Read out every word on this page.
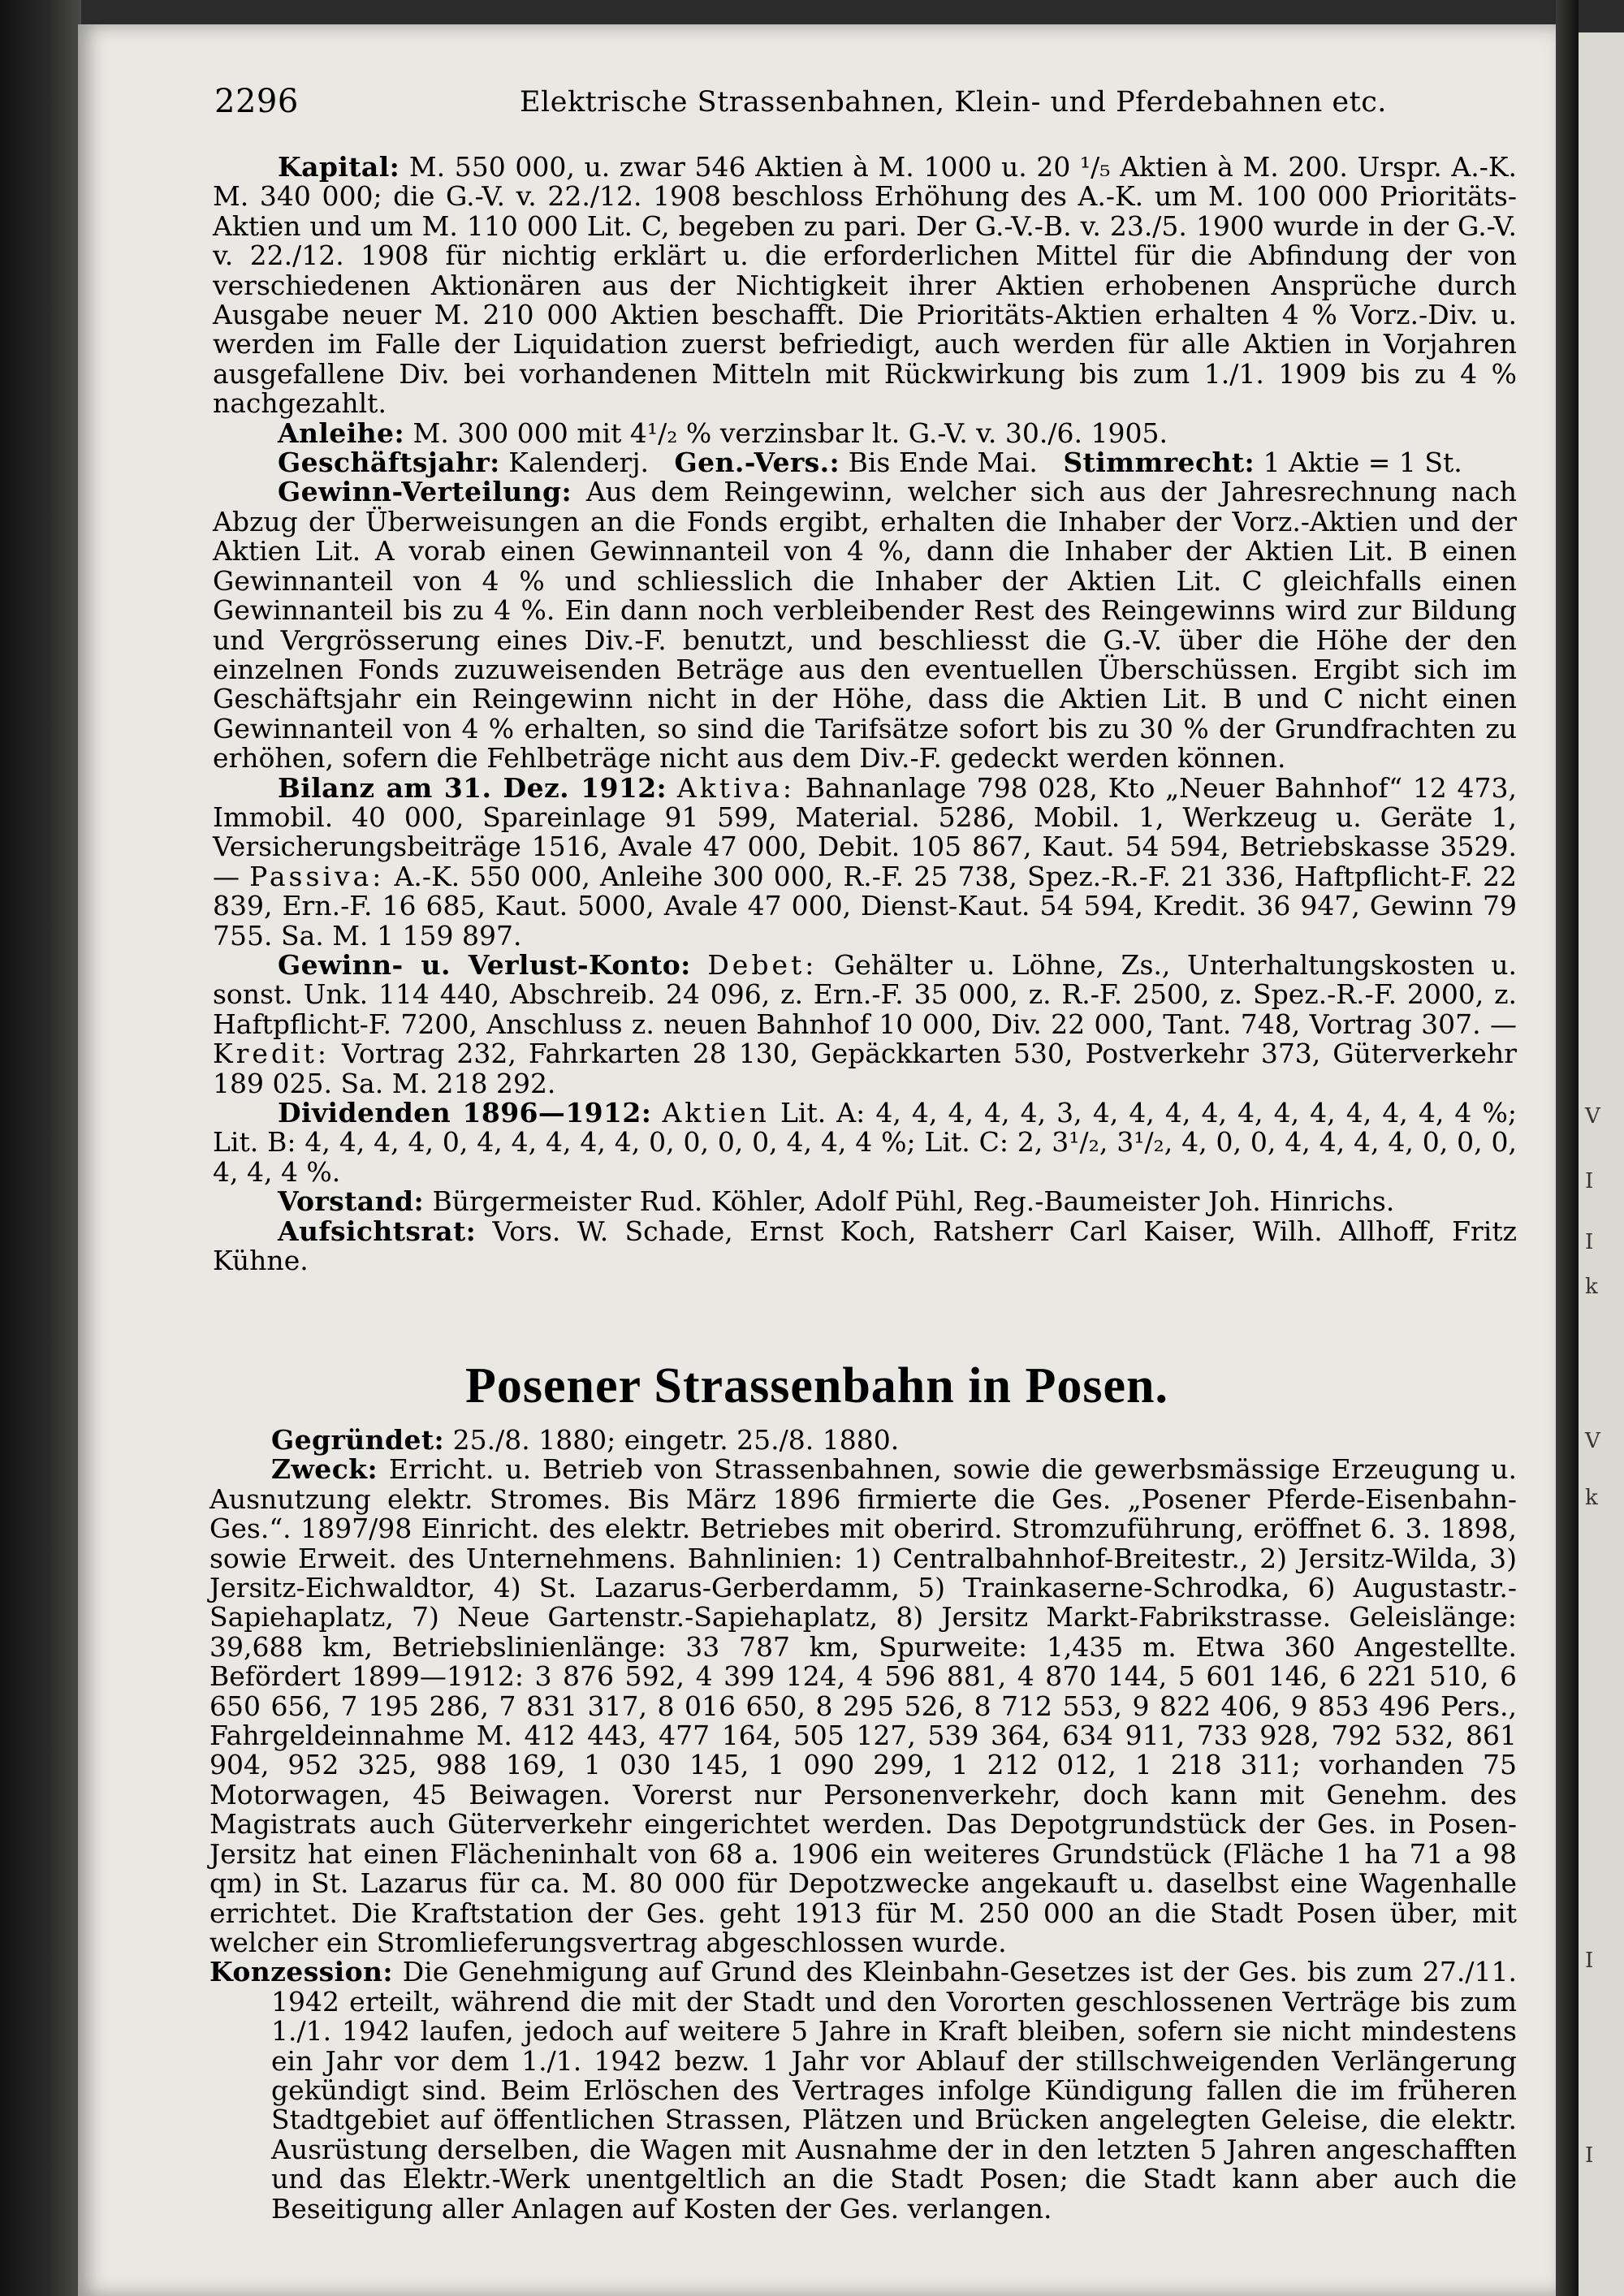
V
I
I
k
V
k
I
I
2296	Elektrische Strassenbahnen, Klein- und Pferdebahnen etc.

Kapital: M. 550 000, u. zwar 546 Aktien à M. 1000 u. 20 ¹/₅ Aktien à M. 200. Urspr. A.-K. M. 340 000; die G.-V. v. 22./12. 1908 beschloss Erhöhung des A.-K. um M. 100 000 Prioritäts-Aktien und um M. 110 000 Lit. C, begeben zu pari. Der G.-V.-B. v. 23./5. 1900 wurde in der G.-V. v. 22./12. 1908 für nichtig erklärt u. die erforderlichen Mittel für die Abfindung der von verschiedenen Aktionären aus der Nichtigkeit ihrer Aktien erhobenen Ansprüche durch Ausgabe neuer M. 210 000 Aktien beschafft. Die Prioritäts-Aktien erhalten 4 % Vorz.-Div. u. werden im Falle der Liquidation zuerst befriedigt, auch werden für alle Aktien in Vorjahren ausgefallene Div. bei vorhandenen Mitteln mit Rückwirkung bis zum 1./1. 1909 bis zu 4 % nachgezahlt.

Anleihe: M. 300 000 mit 4¹/₂ % verzinsbar lt. G.-V. v. 30./6. 1905.

Geschäftsjahr: Kalenderj. Gen.-Vers.: Bis Ende Mai. Stimmrecht: 1 Aktie = 1 St.

Gewinn-Verteilung: Aus dem Reingewinn, welcher sich aus der Jahresrechnung nach Abzug der Überweisungen an die Fonds ergibt, erhalten die Inhaber der Vorz.-Aktien und der Aktien Lit. A vorab einen Gewinnanteil von 4 %, dann die Inhaber der Aktien Lit. B einen Gewinnanteil von 4 % und schliesslich die Inhaber der Aktien Lit. C gleichfalls einen Gewinnanteil bis zu 4 %. Ein dann noch verbleibender Rest des Reingewinns wird zur Bildung und Vergrösserung eines Div.-F. benutzt, und beschliesst die G.-V. über die Höhe der den einzelnen Fonds zuzuweisenden Beträge aus den eventuellen Überschüssen. Ergibt sich im Geschäftsjahr ein Reingewinn nicht in der Höhe, dass die Aktien Lit. B und C nicht einen Gewinnanteil von 4 % erhalten, so sind die Tarifsätze sofort bis zu 30 % der Grundfrachten zu erhöhen, sofern die Fehlbeträge nicht aus dem Div.-F. gedeckt werden können.

Bilanz am 31. Dez. 1912: Aktiva: Bahnanlage 798 028, Kto „Neuer Bahnhof“ 12 473, Immobil. 40 000, Spareinlage 91 599, Material. 5286, Mobil. 1, Werkzeug u. Geräte 1, Versicherungsbeiträge 1516, Avale 47 000, Debit. 105 867, Kaut. 54 594, Betriebskasse 3529. — Passiva: A.-K. 550 000, Anleihe 300 000, R.-F. 25 738, Spez.-R.-F. 21 336, Haftpflicht-F. 22 839, Ern.-F. 16 685, Kaut. 5000, Avale 47 000, Dienst-Kaut. 54 594, Kredit. 36 947, Gewinn 79 755. Sa. M. 1 159 897.

Gewinn- u. Verlust-Konto: Debet: Gehälter u. Löhne, Zs., Unterhaltungskosten u. sonst. Unk. 114 440, Abschreib. 24 096, z. Ern.-F. 35 000, z. R.-F. 2500, z. Spez.-R.-F. 2000, z. Haftpflicht-F. 7200, Anschluss z. neuen Bahnhof 10 000, Div. 22 000, Tant. 748, Vortrag 307. — Kredit: Vortrag 232, Fahrkarten 28 130, Gepäckkarten 530, Postverkehr 373, Güterverkehr 189 025. Sa. M. 218 292.

Dividenden 1896—1912: Aktien Lit. A: 4, 4, 4, 4, 4, 3, 4, 4, 4, 4, 4, 4, 4, 4, 4, 4, 4 %; Lit. B: 4, 4, 4, 4, 0, 4, 4, 4, 4, 4, 0, 0, 0, 0, 4, 4, 4 %; Lit. C: 2, 3¹/₂, 3¹/₂, 4, 0, 0, 4, 4, 4, 4, 0, 0, 0, 4, 4, 4 %.

Vorstand: Bürgermeister Rud. Köhler, Adolf Pühl, Reg.-Baumeister Joh. Hinrichs.

Aufsichtsrat: Vors. W. Schade, Ernst Koch, Ratsherr Carl Kaiser, Wilh. Allhoff, Fritz Kühne.

Posener Strassenbahn in Posen.

Gegründet: 25./8. 1880; eingetr. 25./8. 1880.

Zweck: Erricht. u. Betrieb von Strassenbahnen, sowie die gewerbsmässige Erzeugung u. Ausnutzung elektr. Stromes. Bis März 1896 firmierte die Ges. „Posener Pferde-Eisenbahn-Ges.“. 1897/98 Einricht. des elektr. Betriebes mit oberird. Stromzuführung, eröffnet 6. 3. 1898, sowie Erweit. des Unternehmens. Bahnlinien: 1) Centralbahnhof-Breitestr., 2) Jersitz-Wilda, 3) Jersitz-Eichwaldtor, 4) St. Lazarus-Gerberdamm, 5) Trainkaserne-Schrodka, 6) Augustastr.-Sapiehaplatz, 7) Neue Gartenstr.-Sapiehaplatz, 8) Jersitz Markt-Fabrikstrasse. Geleislänge: 39,688 km, Betriebslinienlänge: 33 787 km, Spurweite: 1,435 m. Etwa 360 Angestellte. Befördert 1899—1912: 3 876 592, 4 399 124, 4 596 881, 4 870 144, 5 601 146, 6 221 510, 6 650 656, 7 195 286, 7 831 317, 8 016 650, 8 295 526, 8 712 553, 9 822 406, 9 853 496 Pers., Fahrgeldeinnahme M. 412 443, 477 164, 505 127, 539 364, 634 911, 733 928, 792 532, 861 904, 952 325, 988 169, 1 030 145, 1 090 299, 1 212 012, 1 218 311; vorhanden 75 Motorwagen, 45 Beiwagen. Vorerst nur Personenverkehr, doch kann mit Genehm. des Magistrats auch Güterverkehr eingerichtet werden. Das Depotgrundstück der Ges. in Posen-Jersitz hat einen Flächeninhalt von 68 a. 1906 ein weiteres Grundstück (Fläche 1 ha 71 a 98 qm) in St. Lazarus für ca. M. 80 000 für Depotzwecke angekauft u. daselbst eine Wagenhalle errichtet. Die Kraftstation der Ges. geht 1913 für M. 250 000 an die Stadt Posen über, mit welcher ein Stromlieferungsvertrag abgeschlossen wurde.

Konzession: Die Genehmigung auf Grund des Kleinbahn-Gesetzes ist der Ges. bis zum 27./11. 1942 erteilt, während die mit der Stadt und den Vororten geschlossenen Verträge bis zum 1./1. 1942 laufen, jedoch auf weitere 5 Jahre in Kraft bleiben, sofern sie nicht mindestens ein Jahr vor dem 1./1. 1942 bezw. 1 Jahr vor Ablauf der stillschweigenden Verlängerung gekündigt sind. Beim Erlöschen des Vertrages infolge Kündigung fallen die im früheren Stadtgebiet auf öffentlichen Strassen, Plätzen und Brücken angelegten Geleise, die elektr. Ausrüstung derselben, die Wagen mit Ausnahme der in den letzten 5 Jahren angeschafften und das Elektr.-Werk unentgeltlich an die Stadt Posen; die Stadt kann aber auch die Beseitigung aller Anlagen auf Kosten der Ges. verlangen.
